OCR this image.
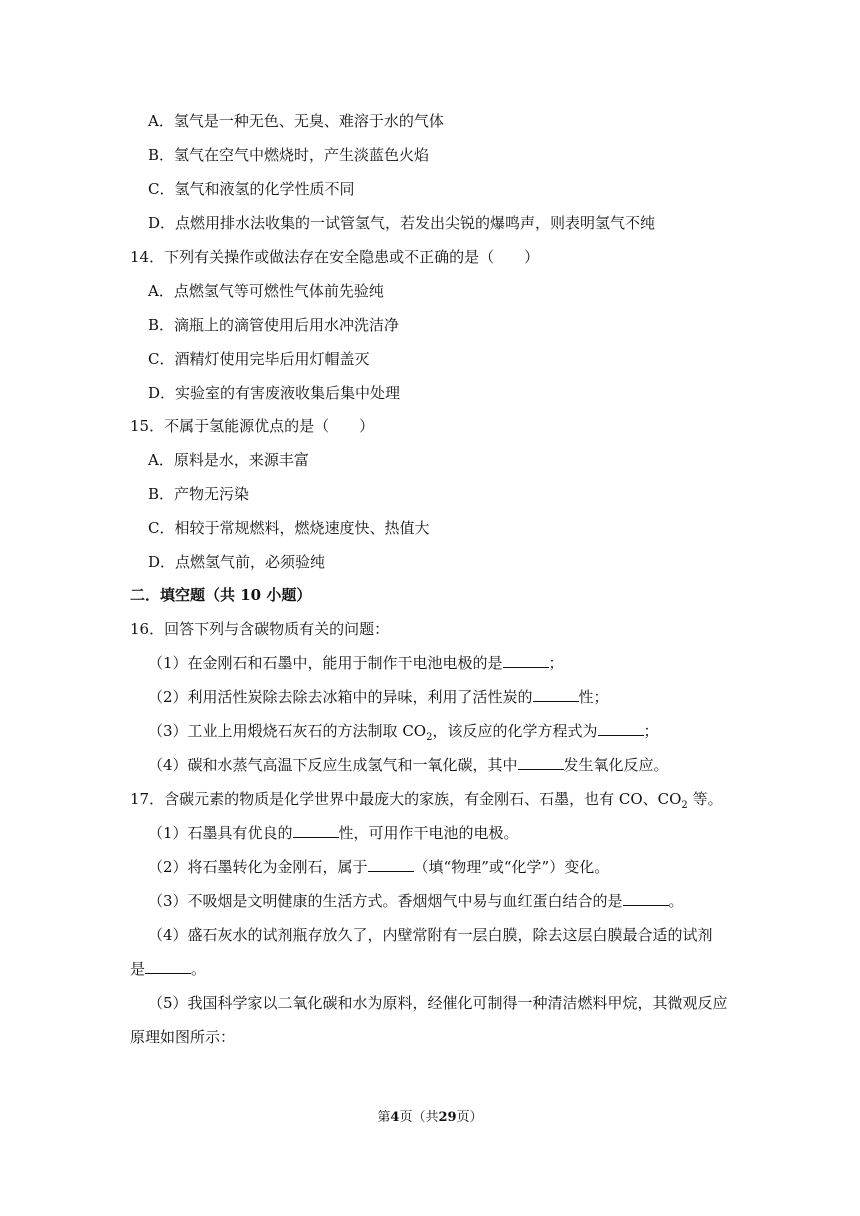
A．氢气是一种无色、无臭、难溶于水的气体
B．氢气在空气中燃烧时，产生淡蓝色火焰
C．氢气和液氢的化学性质不同
D．点燃用排水法收集的一试管氢气，若发出尖锐的爆鸣声，则表明氢气不纯
14．下列有关操作或做法存在安全隐患或不正确的是（　　）
A．点燃氢气等可燃性气体前先验纯
B．滴瓶上的滴管使用后用水冲洗洁净
C．酒精灯使用完毕后用灯帽盖灭
D．实验室的有害废液收集后集中处理
15．不属于氢能源优点的是（　　）
A．原料是水，来源丰富
B．产物无污染
C．相较于常规燃料，燃烧速度快、热值大
D．点燃氢气前，必须验纯
二．填空题（共 10 小题）
16．回答下列与含碳物质有关的问题：
（1）在金刚石和石墨中，能用于制作干电池电极的是	；
（2）利用活性炭除去除去冰箱中的异味，利用了活性炭的	性；
（3）工业上用煅烧石灰石的方法制取 $CO_2$，该反应的化学方程式为	；
（4）碳和水蒸气高温下反应生成氢气和一氧化碳，其中	发生氧化反应。
17．含碳元素的物质是化学世界中最庞大的家族，有金刚石、石墨，也有 CO、$CO_2$ 等。
（1）石墨具有优良的	性，可用作干电池的电极。
（2）将石墨转化为金刚石，属于	（填“物理”或“化学”）变化。
（3）不吸烟是文明健康的生活方式。香烟烟气中易与血红蛋白结合的是	。
（4）盛石灰水的试剂瓶存放久了，内壁常附有一层白膜，除去这层白膜最合适的试剂
是	。
（5）我国科学家以二氧化碳和水为原料，经催化可制得一种清洁燃料甲烷，其微观反应
原理如图所示：
第4页（共29页）
